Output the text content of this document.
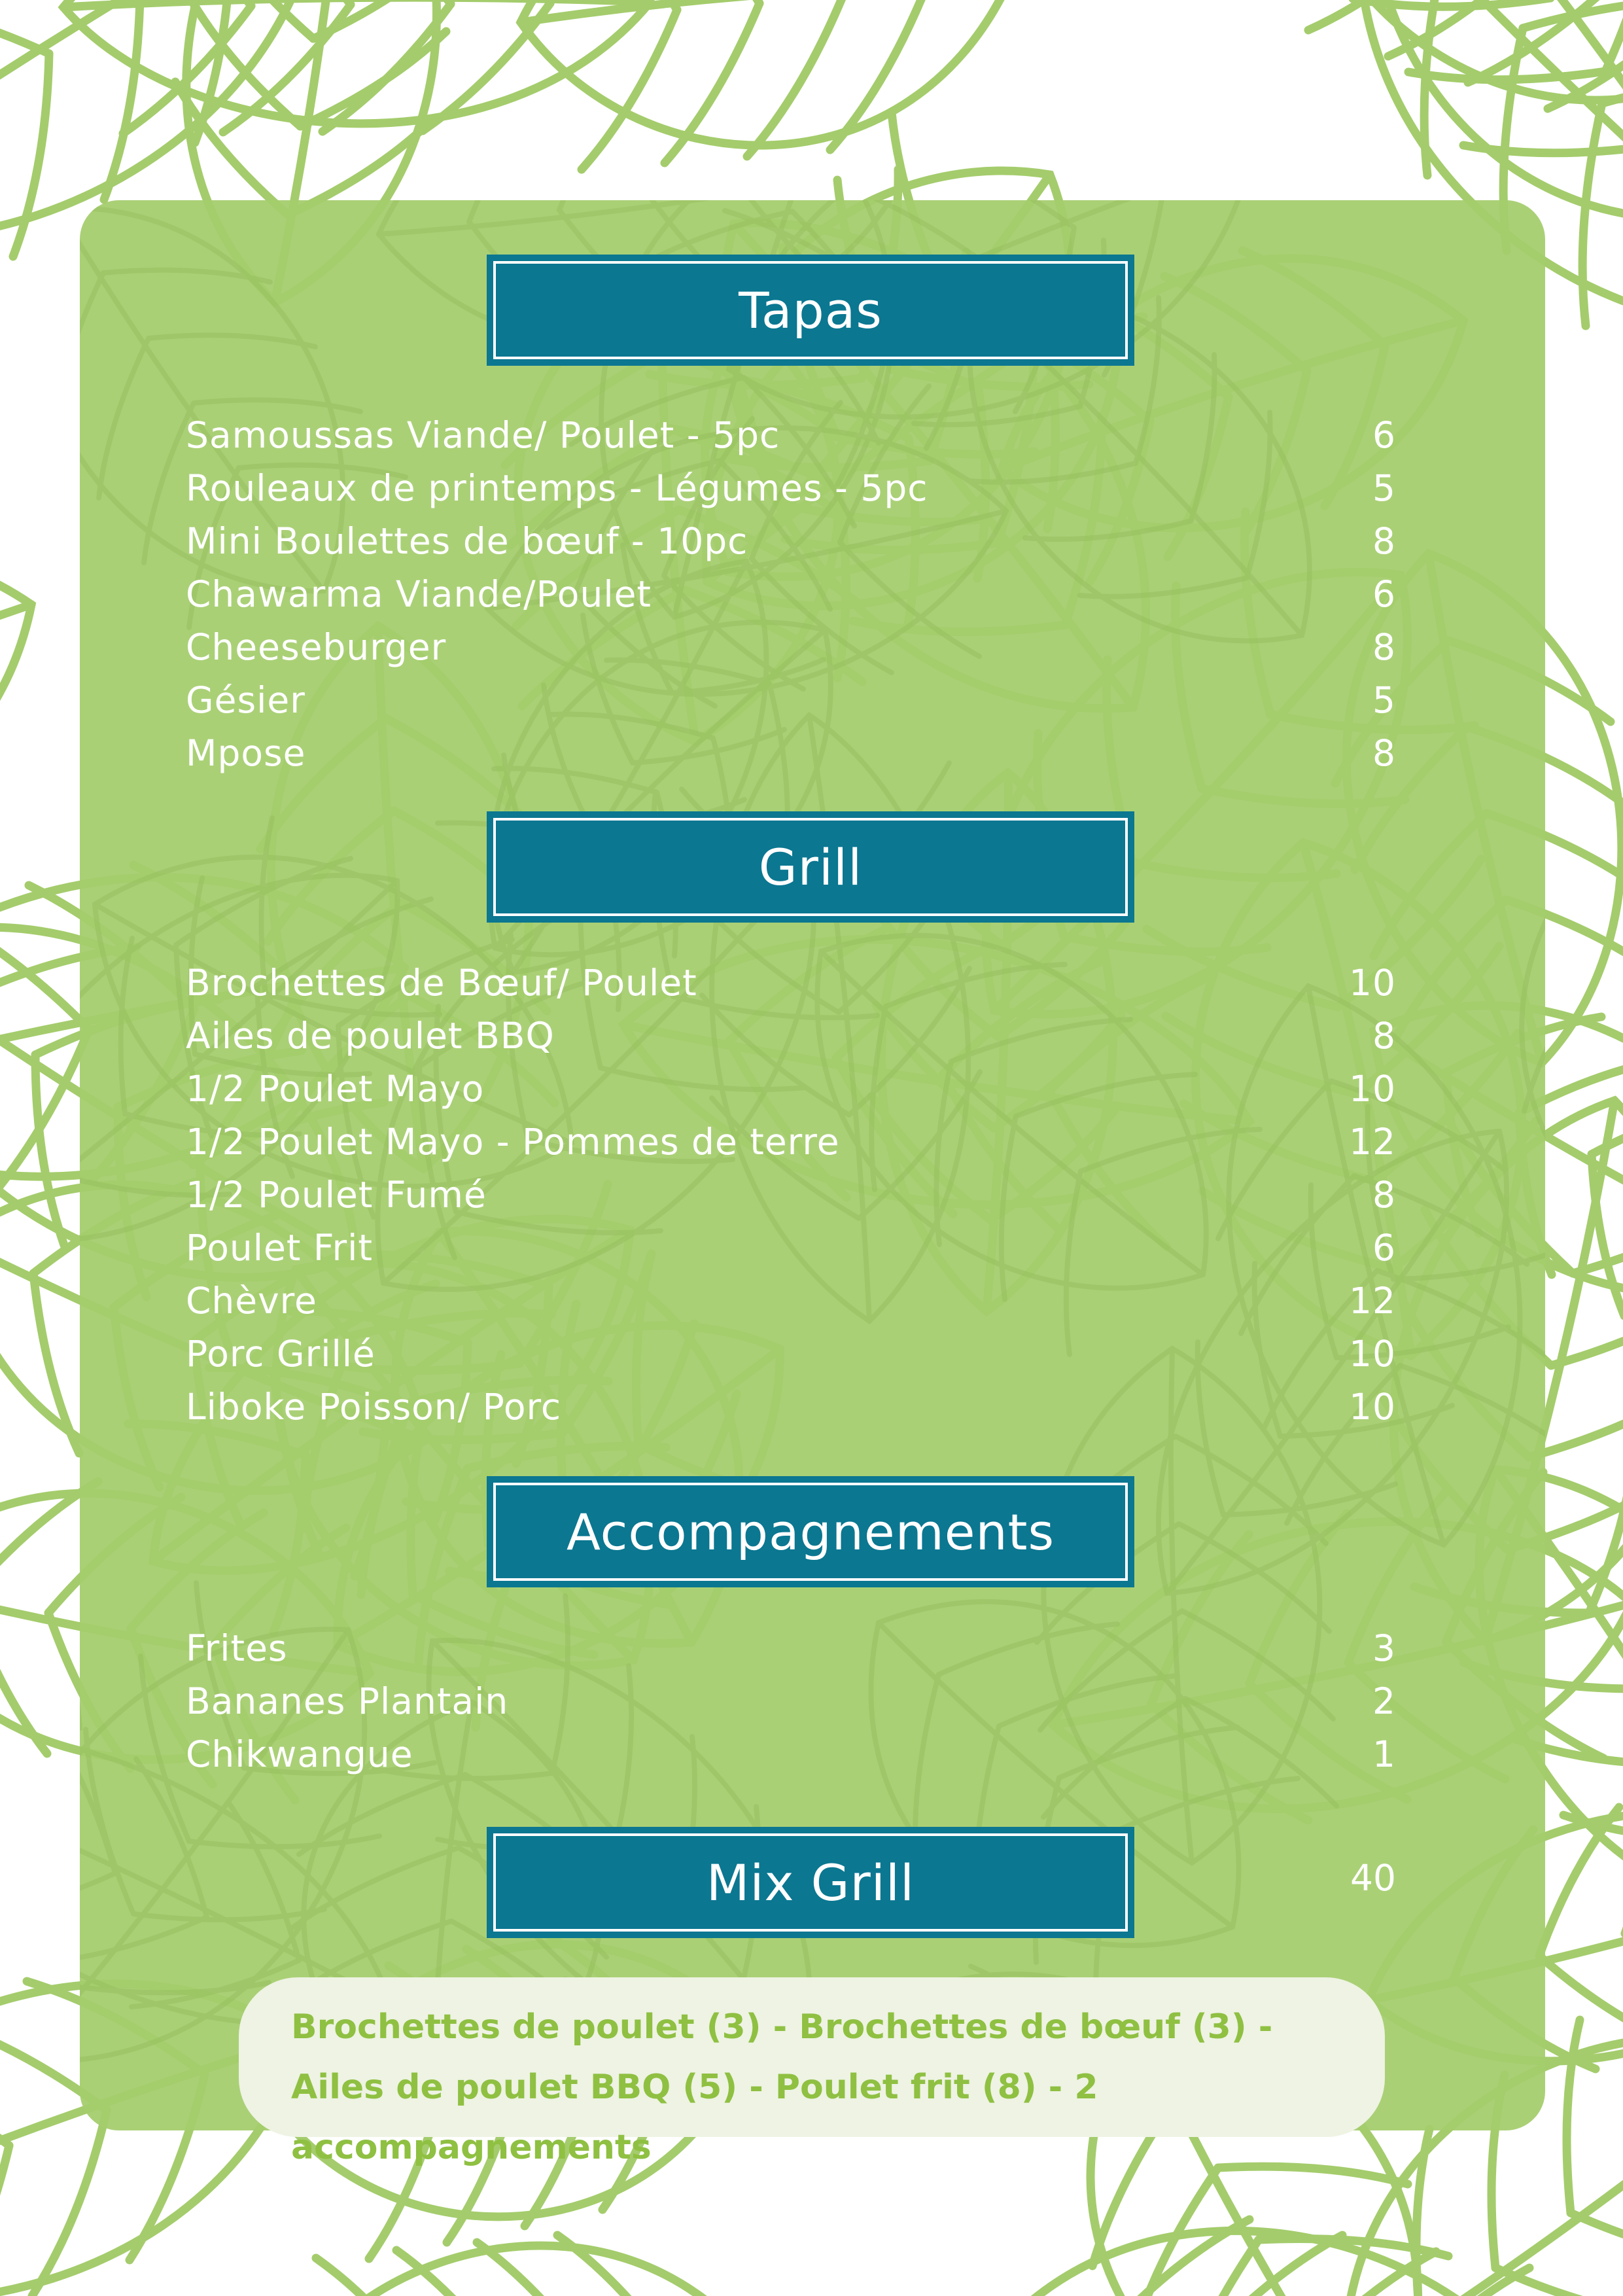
Tapas
Samoussas Viande/ Poulet - 5pc	6
Rouleaux de printemps - Légumes - 5pc	5
Mini Boulettes de bœuf - 10pc	8
Chawarma Viande/Poulet	6
Cheeseburger	8
Gésier	5
Mpose	8
Grill
Brochettes de Bœuf/ Poulet	10
Ailes de poulet BBQ	8
1/2 Poulet Mayo	10
1/2 Poulet Mayo - Pommes de terre	12
1/2 Poulet Fumé	8
Poulet Frit	6
Chèvre	12
Porc Grillé	10
Liboke Poisson/ Porc	10
Accompagnements
Frites	3
Bananes Plantain	2
Chikwangue	1
Mix Grill	40
Brochettes de poulet (3) - Brochettes de bœuf (3) - Ailes de poulet BBQ (5) - Poulet frit (8) - 2 accompagnements
